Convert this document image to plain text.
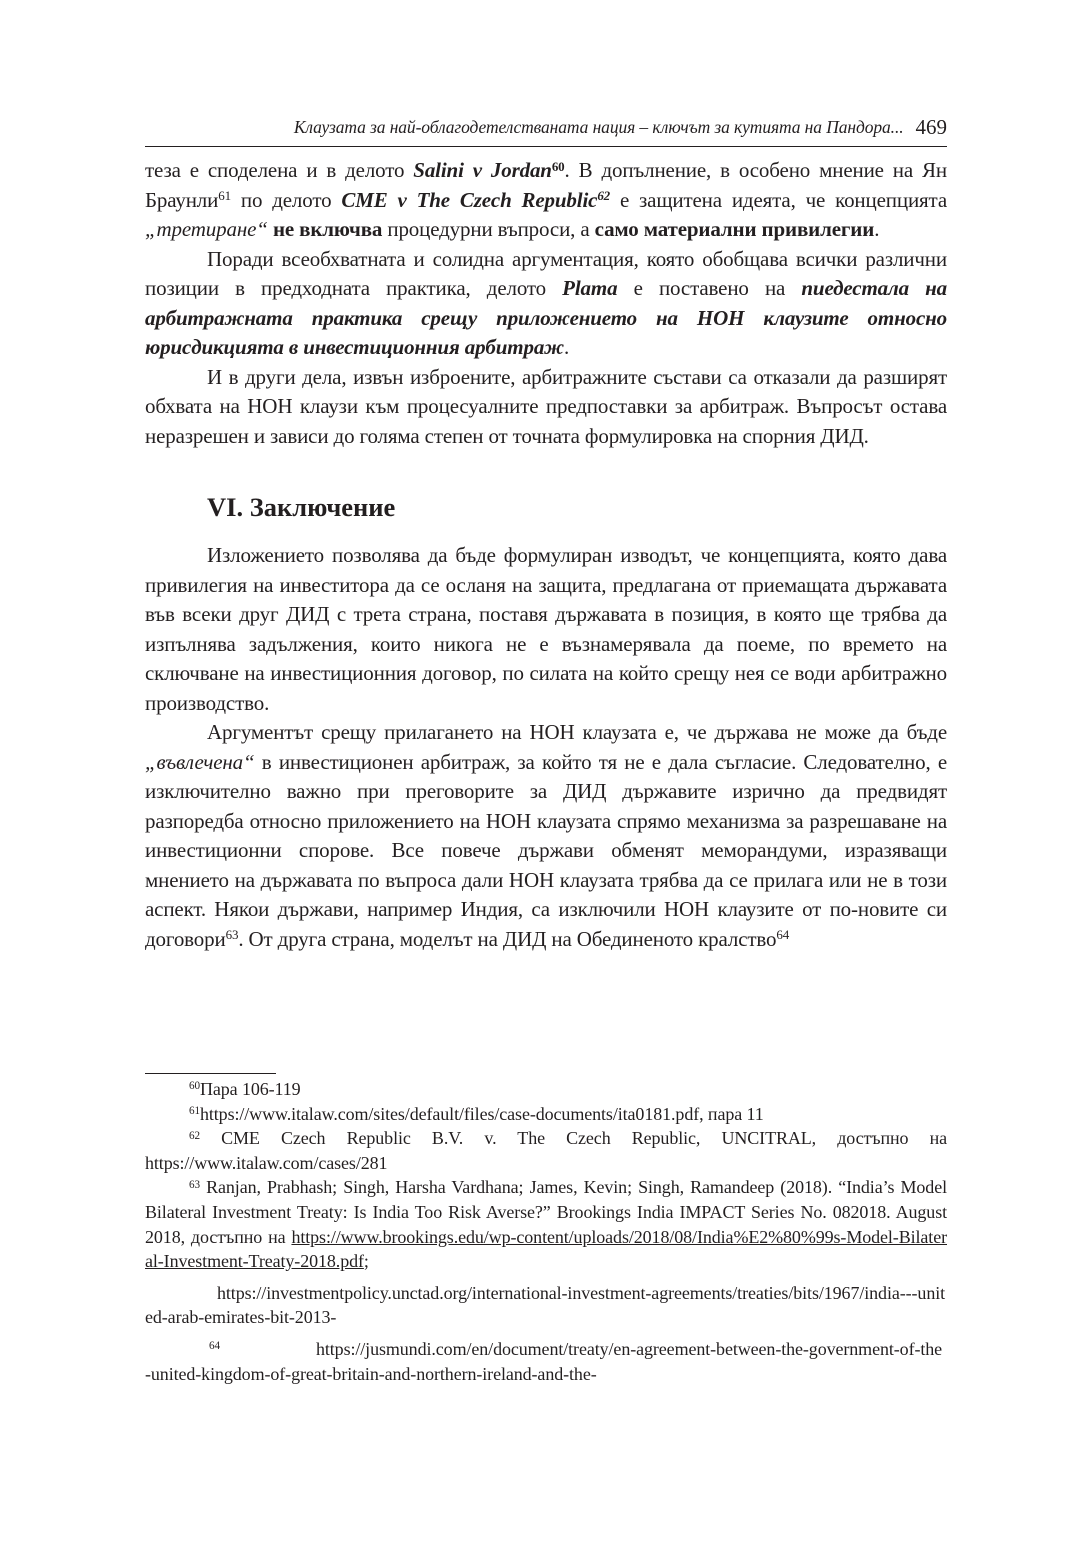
Клаузата за най-облагодетелстваната нация – ключът за кутията на Пандора... 469

теза е споделена и в делото Salini v Jordan$^{60}$. В допълнение, в особено мнение на Ян Браунли$^{61}$ по делото CME v The Czech Republic$^{62}$ е защитена идеята, че концепцията „третиране“ не включва процедурни въпроси, а само материални привилегии.

Поради всеобхватната и солидна аргументация, която обобщава всички различни позиции в предходната практика, делото Plama е поставено на пиедестала на арбитражната практика срещу приложението на НОН клаузите относно юрисдикцията в инвестиционния арбитраж.

И в други дела, извън изброените, арбитражните състави са отказали да разширят обхвата на НОН клаузи към процесуалните предпоставки за арбитраж. Въпросът остава неразрешен и зависи до голяма степен от точната формулировка на спорния ДИД.

VI. Заключение

Изложението позволява да бъде формулиран изводът, че концепцията, която дава привилегия на инвеститора да се осланя на защита, предлагана от приемащата държавата във всеки друг ДИД с трета страна, поставя държавата в позиция, в която ще трябва да изпълнява задължения, които никога не е възнамерявала да поеме, по времето на сключване на инвестиционния договор, по силата на който срещу нея се води арбитражно производство.

Аргументът срещу прилагането на НОН клаузата е, че държава не може да бъде „въвлечена“ в инвестиционен арбитраж, за който тя не е дала съгласие. Следователно, е изключително важно при преговорите за ДИД държавите изрично да предвидят разпоредба относно приложението на НОН клаузата спрямо механизма за разрешаване на инвестиционни спорове. Все повече държави обменят меморандуми, изразяващи мнението на държавата по въпроса дали НОН клаузата трябва да се прилага или не в този аспект. Някои държави, например Индия, са изключили НОН клаузите от по-новите си договори$^{63}$. От друга страна, моделът на ДИД на Обединеното кралство$^{64}$

$^{60}$Пара 106-119

$^{61}$https://www.italaw.com/sites/default/files/case-documents/ita0181.pdf, пара 11

$^{62}$ CME Czech Republic B.V. v. The Czech Republic, UNCITRAL, достъпно на https://www.italaw.com/cases/281

$^{63}$ Ranjan, Prabhash; Singh, Harsha Vardhana; James, Kevin; Singh, Ramandeep (2018). “India’s Model Bilateral Investment Treaty: Is India Too Risk Averse?” Brookings India IMPACT Series No. 082018. August 2018, достъпно на https://www.brookings.edu/wp-content/uploads/2018/08/India%E2%80%99s-Model-Bilateral-Investment-Treaty-2018.pdf;

https://investmentpolicy.unctad.org/international-investment-agreements/treaties/bits/1967/india---united-arab-emirates-bit-2013-

$^{64}$	https://jusmundi.com/en/document/treaty/en-agreement-between-the-government-of-the-united-kingdom-of-great-britain-and-northern-ireland-and-the-
